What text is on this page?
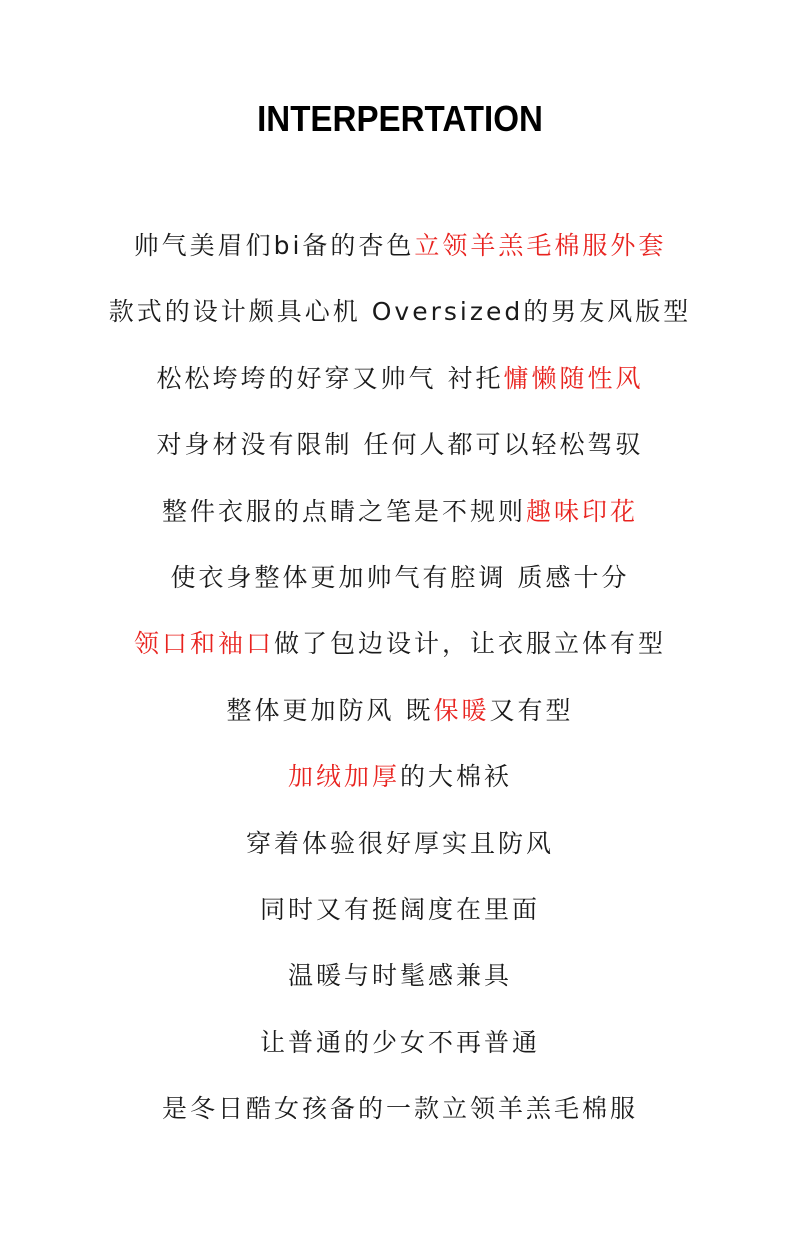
INTERPERTATION
帅气美眉们bi备的杏色立领羊羔毛棉服外套
款式的设计颇具心机 Oversized的男友风版型
松松垮垮的好穿又帅气 衬托慵懒随性风
对身材没有限制 任何人都可以轻松驾驭
整件衣服的点睛之笔是不规则趣味印花
使衣身整体更加帅气有腔调 质感十分
领口和袖口做了包边设计，让衣服立体有型
整体更加防风 既保暖又有型
加绒加厚的大棉袄
穿着体验很好厚实且防风
同时又有挺阔度在里面
温暖与时髦感兼具
让普通的少女不再普通
是冬日酷女孩备的一款立领羊羔毛棉服
